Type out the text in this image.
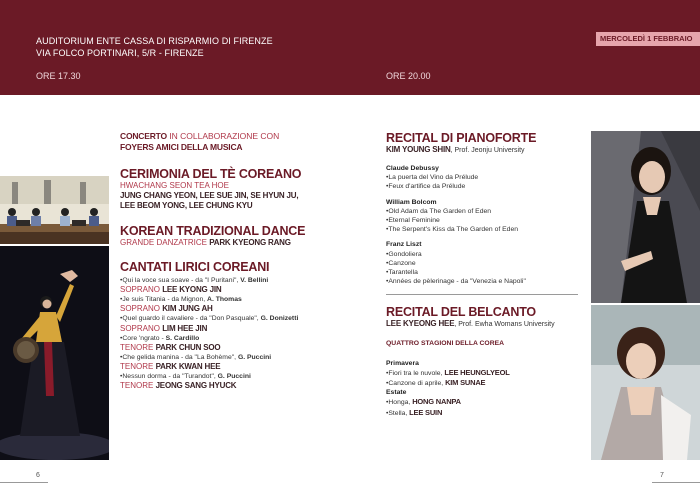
AUDITORIUM ENTE CASSA DI RISPARMIO DI FIRENZE
VIA FOLCO PORTINARI, 5/R - FIRENZE
ORE 17.30	ORE 20.00
MERCOLEDÌ 1 FEBBRAIO
CONCERTO IN COLLABORAZIONE CON
FOYERS AMICI DELLA MUSICA
CERIMONIA DEL TÈ COREANO
HWACHANG SEON TEA HOE
JUNG CHANG YEON, LEE SUE JIN, SE HYUN JU,
LEE BEOM YONG, LEE CHUNG KYU
KOREAN TRADIZIONAL DANCE
GRANDE DANZATRICE PARK KYEONG RANG
CANTATI LIRICI COREANI
• Qui la voce sua soave - da "I Puritani", V. Bellini
SOPRANO LEE KYONG JIN
• Je suis Titania - da Mignon, A. Thomas
SOPRANO KIM JUNG AH
• Quel guardo il cavaliere - da "Don Pasquale", G. Donizetti
SOPRANO LIM HEE JIN
• Core 'ngrato - S. Cardillo
TENORE PARK CHUN SOO
• Che gelida manina - da "La Bohème", G. Puccini
TENORE PARK KWAN HEE
• Nessun dorma - da "Turandot", G. Puccini
TENORE JEONG SANG HYUCK
RECITAL DI PIANOFORTE
KIM YOUNG SHIN, Prof. Jeonju University
Claude Debussy
• La puerta del Vino da Prélude
• Feux d'artifice da Prélude
William Bolcom
• Old Adam da The Garden of Eden
• Eternal Feminine
• The Serpent's Kiss da The Garden of Eden
Franz Liszt
• Gondoliera
• Canzone
• Tarantella
• Années de pèlerinage - da "Venezia e Napoli"
RECITAL DEL BELCANTO
LEE KYEONG HEE, Prof. Ewha Womans University
QUATTRO STAGIONI DELLA COREA
Primavera
• Fiori tra le nuvole, LEE HEUNGLYEOL
• Canzone di aprile, KIM SUNAE
Estate
• Honga, HONG NANPA
• Stella, LEE SUIN
6	7
